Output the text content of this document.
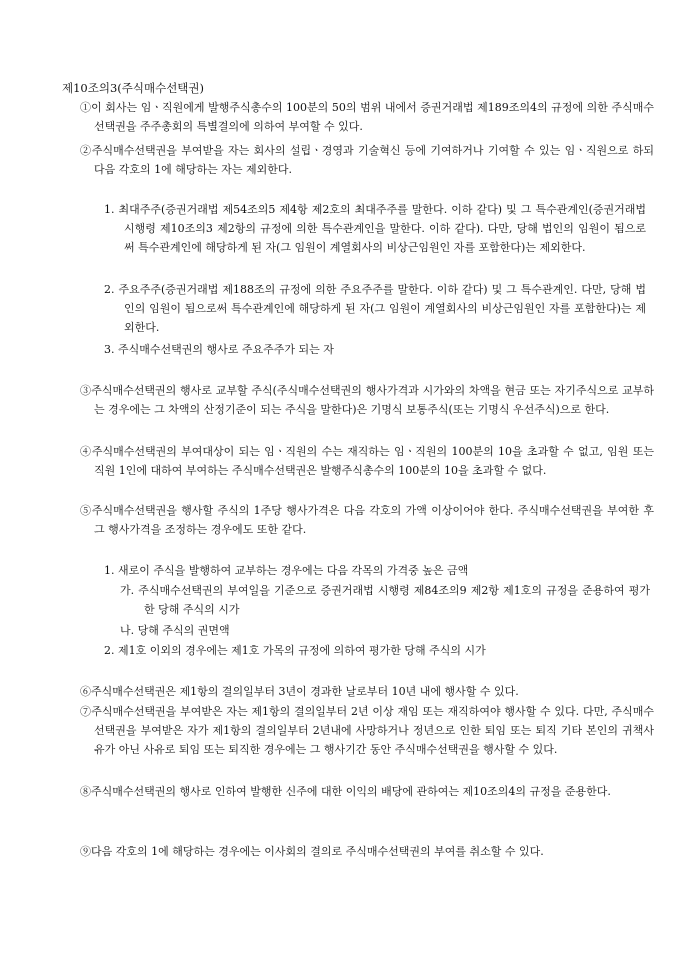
제10조의3(주식매수선택권)
①이 회사는 임ㆍ직원에게 발행주식총수의 100분의 50의 범위 내에서 증권거래법 제189조의4의 규정에 의한 주식매수선택권을 주주총회의 특별결의에 의하여 부여할 수 있다.
②주식매수선택권을 부여받을 자는 회사의 설립ㆍ경영과 기술혁신 등에 기여하거나 기여할 수 있는 임ㆍ직원으로 하되 다음 각호의 1에 해당하는 자는 제외한다.
1. 최대주주(증권거래법 제54조의5 제4항 제2호의 최대주주를 말한다. 이하 같다) 및 그 특수관계인(증권거래법 시행령 제10조의3 제2항의 규정에 의한 특수관계인을 말한다. 이하 같다). 다만, 당해 법인의 임원이 됨으로써 특수관계인에 해당하게 된 자(그 임원이 계열회사의 비상근임원인 자를 포함한다)는 제외한다.
2. 주요주주(증권거래법 제188조의 규정에 의한 주요주주를 말한다. 이하 같다) 및 그 특수관계인. 다만, 당해 법인의 임원이 됨으로써 특수관계인에 해당하게 된 자(그 임원이 계열회사의 비상근임원인 자를 포함한다)는 제외한다.
3. 주식매수선택권의 행사로 주요주주가 되는 자
③주식매수선택권의 행사로 교부할 주식(주식매수선택권의 행사가격과 시가와의 차액을 현금 또는 자기주식으로 교부하는 경우에는 그 차액의 산정기준이 되는 주식을 말한다)은 기명식 보통주식(또는 기명식 우선주식)으로 한다.
④주식매수선택권의 부여대상이 되는 임ㆍ직원의 수는 재직하는 임ㆍ직원의 100분의 10을 초과할 수 없고, 임원 또는 직원 1인에 대하여 부여하는 주식매수선택권은 발행주식총수의 100분의 10을 초과할 수 없다.
⑤주식매수선택권을 행사할 주식의 1주당 행사가격은 다음 각호의 가액 이상이어야 한다. 주식매수선택권을 부여한 후 그 행사가격을 조정하는 경우에도 또한 같다.
1. 새로이 주식을 발행하여 교부하는 경우에는 다음 각목의 가격중 높은 금액
가. 주식매수선택권의 부여일을 기준으로 증권거래법 시행령 제84조의9 제2항 제1호의 규정을 준용하여 평가한 당해 주식의 시가
나. 당해 주식의 권면액
2. 제1호 이외의 경우에는 제1호 가목의 규정에 의하여 평가한 당해 주식의 시가
⑥주식매수선택권은 제1항의 결의일부터 3년이 경과한 날로부터 10년 내에 행사할 수 있다.
⑦주식매수선택권을 부여받은 자는 제1항의 결의일부터 2년 이상 재임 또는 재직하여야 행사할 수 있다. 다만, 주식매수선택권을 부여받은 자가 제1항의 결의일부터 2년내에 사망하거나 정년으로 인한 퇴임 또는 퇴직 기타 본인의 귀책사유가 아닌 사유로 퇴임 또는 퇴직한 경우에는 그 행사기간 동안 주식매수선택권을 행사할 수 있다.
⑧주식매수선택권의 행사로 인하여 발행한 신주에 대한 이익의 배당에 관하여는 제10조의4의 규정을 준용한다.
⑨다음 각호의 1에 해당하는 경우에는 이사회의 결의로 주식매수선택권의 부여를 취소할 수 있다.
